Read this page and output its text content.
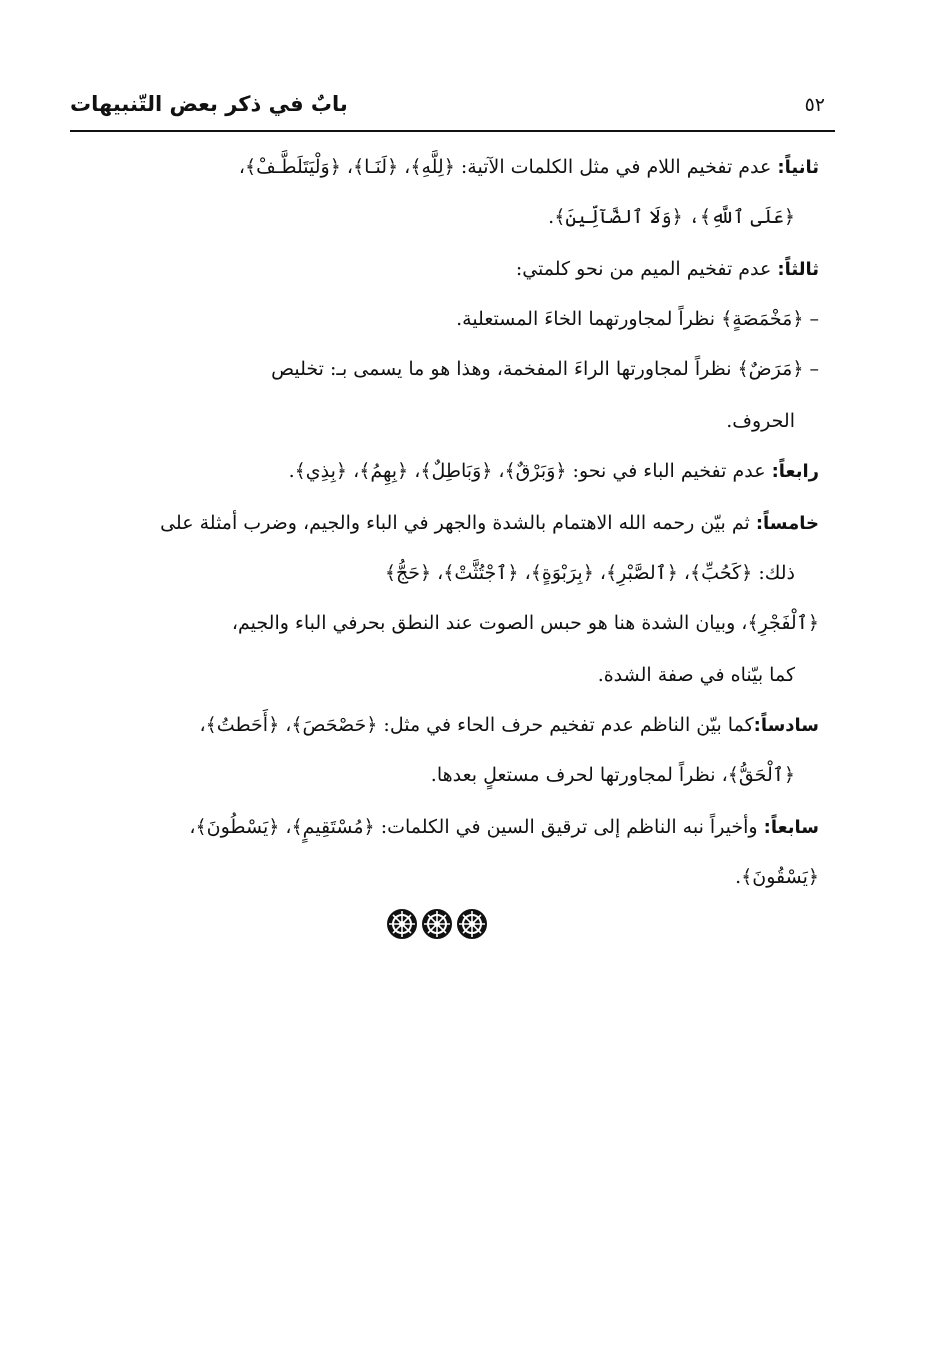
بابٌ في ذكر بعض التّنبيهات	٥٢
ثانياً: عدم تفخيم اللام في مثل الكلمات الآتية: ﴿لِلَّهِ﴾، ﴿لَنَـا﴾، ﴿وَلْيَتَلَطَّـفْ﴾،
﴿عَلَى ٱللَّهِ﴾، ﴿وَلَا ٱلضَّآلِّينَ﴾.
ثالثاً: عدم تفخيم الميم من نحو كلمتي:
– ﴿مَخْمَصَةٍ﴾ نظراً لمجاورتهما الخاءَ المستعلية.
– ﴿مَرَضٌ﴾ نظراً لمجاورتها الراءَ المفخمة، وهذا هو ما يسمى بـ: تخليص
الحروف.
رابعاً: عدم تفخيم الباء في نحو: ﴿وَبَرْقٌ﴾، ﴿وَبَاطِلٌ﴾، ﴿بِهِمُ﴾، ﴿بِذِي﴾.
خامساً: ثم بيّن رحمه الله الاهتمام بالشدة والجهر في الباء والجيم، وضرب أمثلة على
ذلك: ﴿كَحُبِّ﴾، ﴿ٱلصَّبْرِ﴾، ﴿بِرَبْوَةٍ﴾، ﴿ٱجْتُثَّتْ﴾، ﴿حَجُّ﴾
﴿ٱلْفَجْرِ﴾، وبيان الشدة هنا هو حبس الصوت عند النطق بحرفي الباء والجيم،
كما بيّناه في صفة الشدة.
سادساً:كما بيّن الناظم عدم تفخيم حرف الحاء في مثل: ﴿حَصْحَصَ﴾، ﴿أَحَطتُ﴾،
﴿ٱلْحَقُّ﴾، نظراً لمجاورتها لحرف مستعلٍ بعدها.
سابعاً: وأخيراً نبه الناظم إلى ترقيق السين في الكلمات: ﴿مُسْتَقِيمٍ﴾، ﴿يَسْطُونَ﴾،
﴿يَسْقُونَ﴾.
